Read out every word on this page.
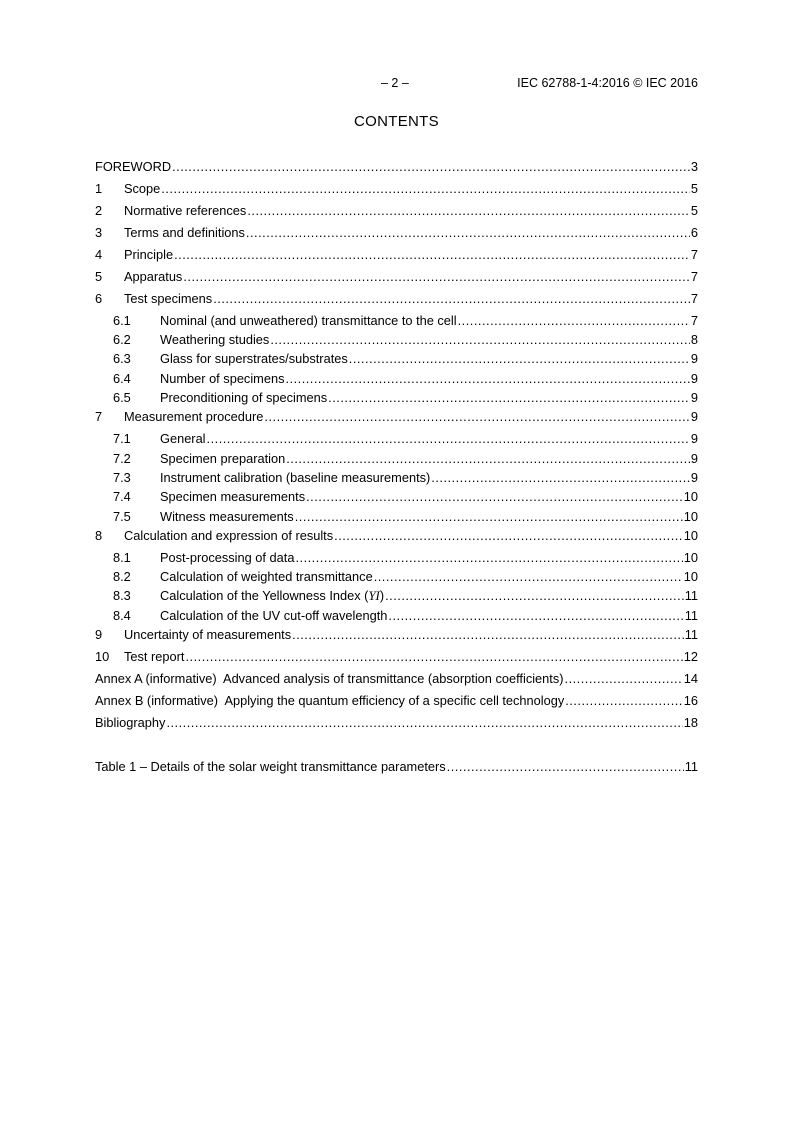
– 2 –	IEC 62788-1-4:2016 © IEC 2016
CONTENTS
FOREWORD .....	3
1	Scope .....	5
2	Normative references .....	5
3	Terms and definitions .....	6
4	Principle .....	7
5	Apparatus .....	7
6	Test specimens .....	7
6.1	Nominal (and unweathered) transmittance to the cell .....	7
6.2	Weathering studies .....	8
6.3	Glass for superstrates/substrates .....	9
6.4	Number of specimens .....	9
6.5	Preconditioning of specimens .....	9
7	Measurement procedure .....	9
7.1	General .....	9
7.2	Specimen preparation .....	9
7.3	Instrument calibration (baseline measurements) .....	9
7.4	Specimen measurements .....	10
7.5	Witness measurements .....	10
8	Calculation and expression of results .....	10
8.1	Post-processing of data .....	10
8.2	Calculation of weighted transmittance .....	10
8.3	Calculation of the Yellowness Index (YI) .....	11
8.4	Calculation of the UV cut-off wavelength .....	11
9	Uncertainty of measurements .....	11
10	Test report .....	12
Annex A (informative)  Advanced analysis of transmittance (absorption coefficients) .....	14
Annex B (informative)  Applying the quantum efficiency of a specific cell technology .....	16
Bibliography .....	18
Table 1 – Details of the solar weight transmittance parameters .....	11
